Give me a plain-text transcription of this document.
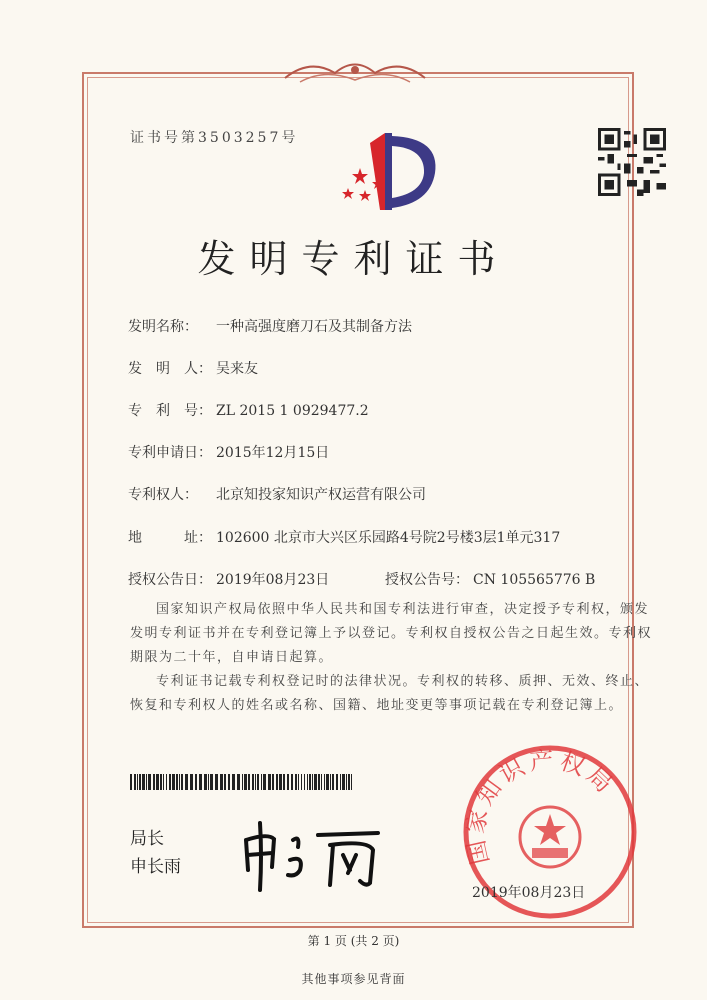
证书号第3503257号
发明专利证书
发明名称： 一种高强度磨刀石及其制备方法
发　明　人： 吴来友
专　利　号： ZL 2015 1 0929477.2
专利申请日： 2015年12月15日
专利权人： 北京知投家知识产权运营有限公司
地　　　址： 102600 北京市大兴区乐园路4号院2号楼3层1单元317
授权公告日： 2019年08月23日	授权公告号： CN 105565776 B
国家知识产权局依照中华人民共和国专利法进行审查，决定授予专利权，颁发发明专利证书并在专利登记簿上予以登记。专利权自授权公告之日起生效。专利权期限为二十年，自申请日起算。
专利证书记载专利权登记时的法律状况。专利权的转移、质押、无效、终止、恢复和专利权人的姓名或名称、国籍、地址变更等事项记载在专利登记簿上。
局长
申长雨	国家知识产权局
2019年08月23日
第 1 页 (共 2 页)
其他事项参见背面
